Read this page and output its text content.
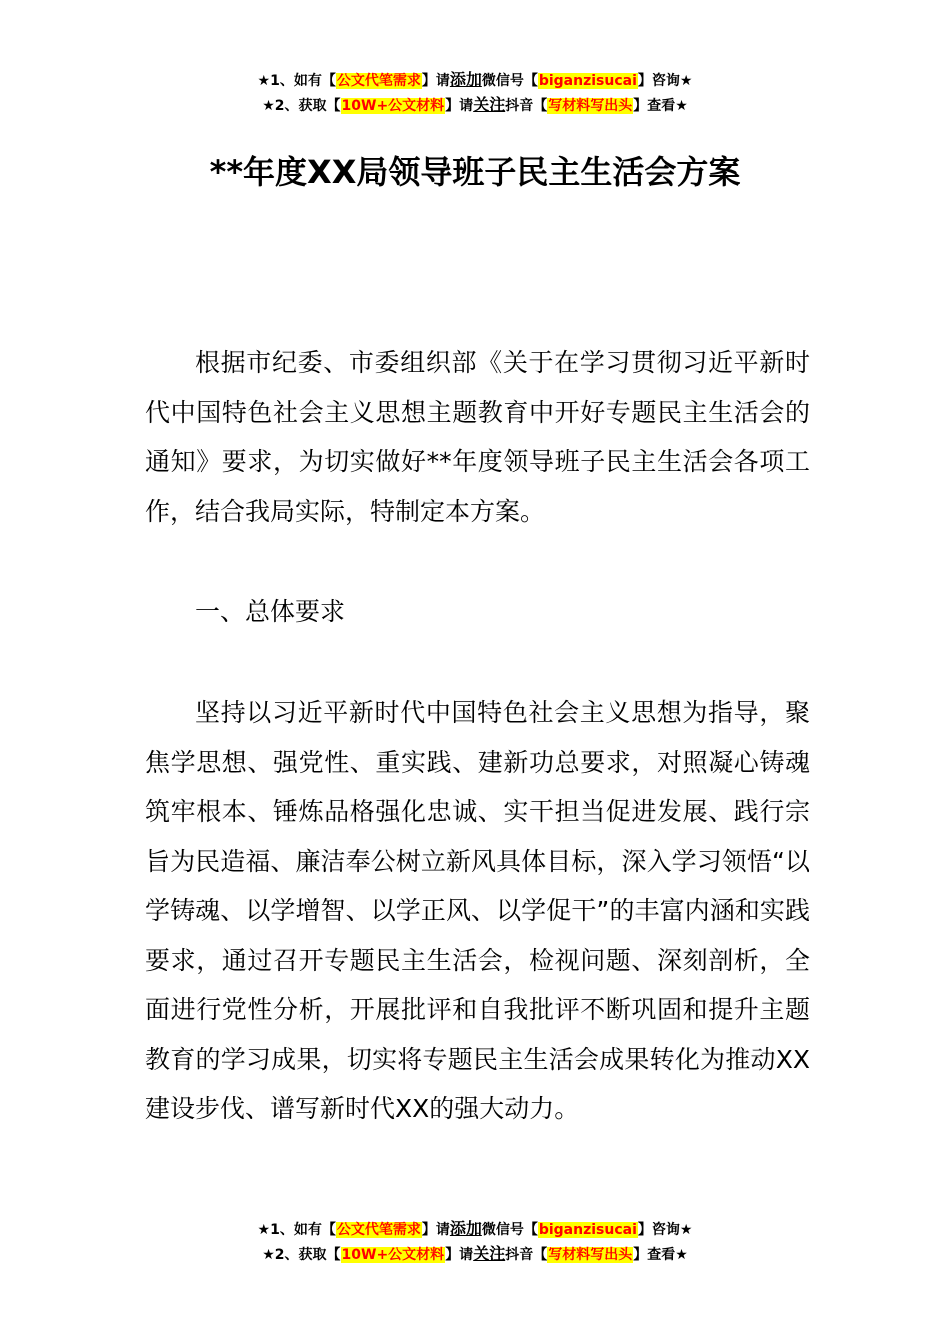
★1、如有【公文代笔需求】请添加微信号【biganzisucai】咨询★
★2、获取【10W+公文材料】请关注抖音【写材料写出头】查看★
**年度XX局领导班子民主生活会方案

根据市纪委、市委组织部《关于在学习贯彻习近平新时代中国特色社会主义思想主题教育中开好专题民主生活会的通知》要求，为切实做好**年度领导班子民主生活会各项工作，结合我局实际，特制定本方案。

一、总体要求

坚持以习近平新时代中国特色社会主义思想为指导，聚焦学思想、强党性、重实践、建新功总要求，对照凝心铸魂筑牢根本、锤炼品格强化忠诚、实干担当促进发展、践行宗旨为民造福、廉洁奉公树立新风具体目标，深入学习领悟“以学铸魂、以学增智、以学正风、以学促干”的丰富内涵和实践要求，通过召开专题民主生活会，检视问题、深刻剖析，全面进行党性分析，开展批评和自我批评不断巩固和提升主题教育的学习成果，切实将专题民主生活会成果转化为推动XX建设步伐、谱写新时代XX的强大动力。

★1、如有【公文代笔需求】请添加微信号【biganzisucai】咨询★
★2、获取【10W+公文材料】请关注抖音【写材料写出头】查看★
